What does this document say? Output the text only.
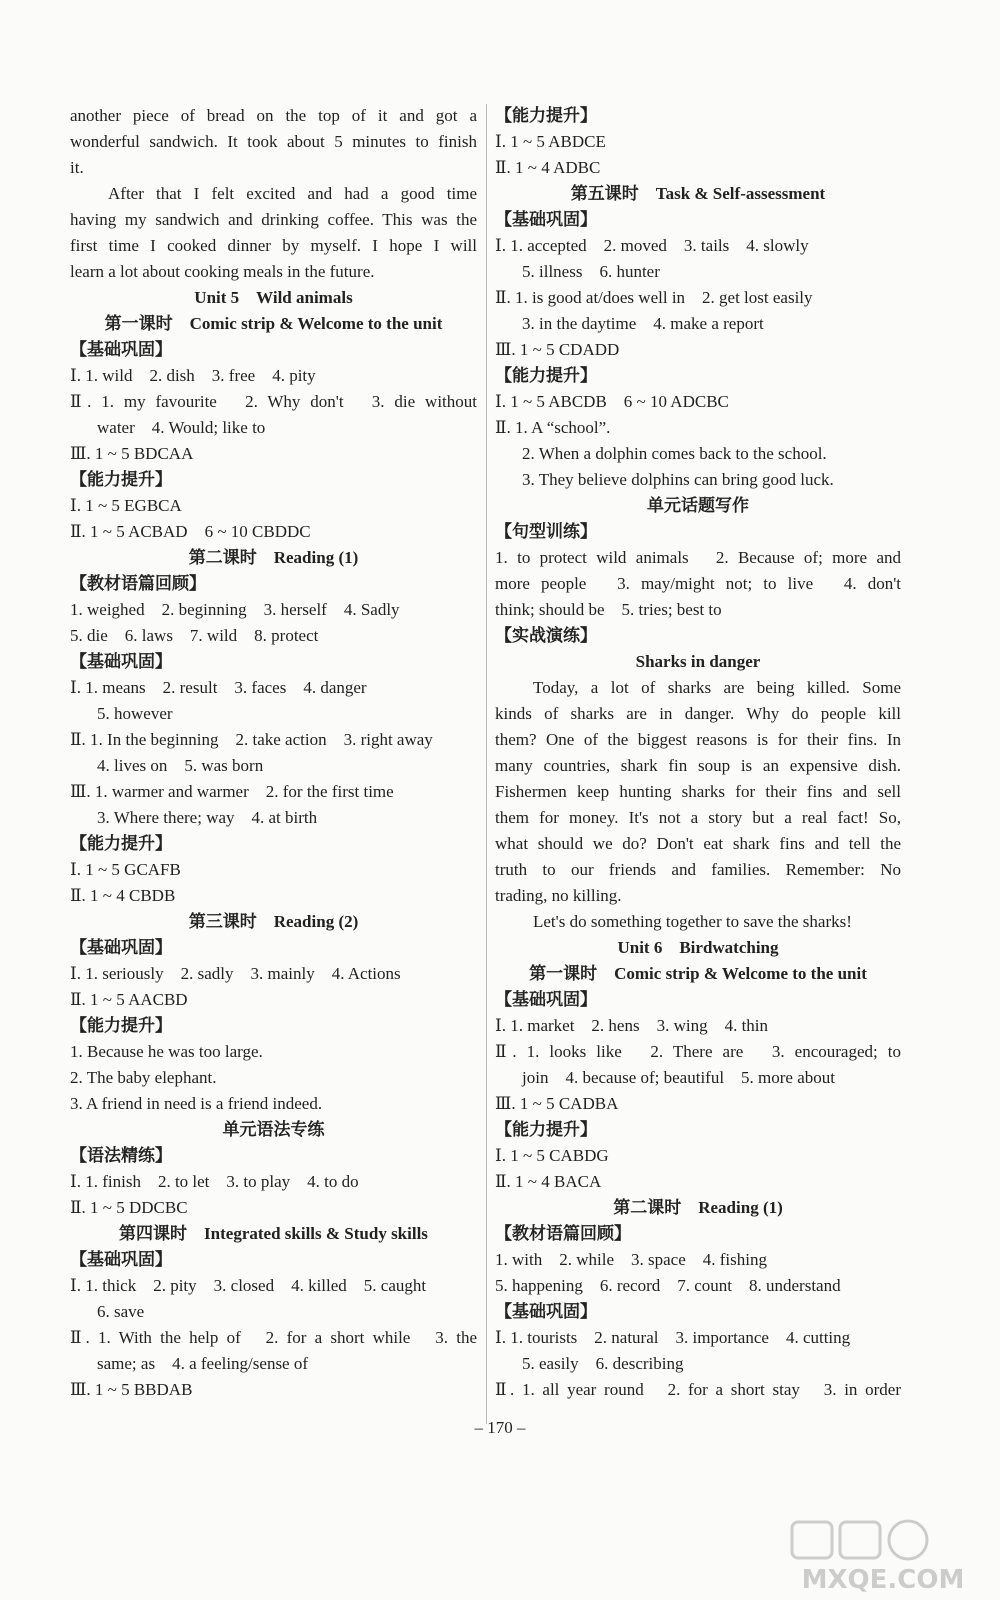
another piece of bread on the top of it and got a
wonderful sandwich. It took about 5 minutes to finish
it.
After that I felt excited and had a good time
having my sandwich and drinking coffee. This was the
first time I cooked dinner by myself. I hope I will
learn a lot about cooking meals in the future.
Unit 5　Wild animals
第一课时　Comic strip & Welcome to the unit
【基础巩固】
Ⅰ. 1. wild　2. dish　3. free　4. pity
Ⅱ. 1. my favourite　2. Why don't　3. die without
water　4. Would; like to
Ⅲ. 1 ~ 5 BDCAA
【能力提升】
Ⅰ. 1 ~ 5 EGBCA
Ⅱ. 1 ~ 5 ACBAD　6 ~ 10 CBDDC
第二课时　Reading (1)
【教材语篇回顾】
1. weighed　2. beginning　3. herself　4. Sadly
5. die　6. laws　7. wild　8. protect
【基础巩固】
Ⅰ. 1. means　2. result　3. faces　4. danger
5. however
Ⅱ. 1. In the beginning　2. take action　3. right away
4. lives on　5. was born
Ⅲ. 1. warmer and warmer　2. for the first time
3. Where there; way　4. at birth
【能力提升】
Ⅰ. 1 ~ 5 GCAFB
Ⅱ. 1 ~ 4 CBDB
第三课时　Reading (2)
【基础巩固】
Ⅰ. 1. seriously　2. sadly　3. mainly　4. Actions
Ⅱ. 1 ~ 5 AACBD
【能力提升】
1. Because he was too large.
2. The baby elephant.
3. A friend in need is a friend indeed.
单元语法专练
【语法精练】
Ⅰ. 1. finish　2. to let　3. to play　4. to do
Ⅱ. 1 ~ 5 DDCBC
第四课时　Integrated skills & Study skills
【基础巩固】
Ⅰ. 1. thick　2. pity　3. closed　4. killed　5. caught
6. save
Ⅱ. 1. With the help of　2. for a short while　3. the
same; as　4. a feeling/sense of
Ⅲ. 1 ~ 5 BBDAB
【能力提升】
Ⅰ. 1 ~ 5 ABDCE
Ⅱ. 1 ~ 4 ADBC
第五课时　Task & Self-assessment
【基础巩固】
Ⅰ. 1. accepted　2. moved　3. tails　4. slowly
5. illness　6. hunter
Ⅱ. 1. is good at/does well in　2. get lost easily
3. in the daytime　4. make a report
Ⅲ. 1 ~ 5 CDADD
【能力提升】
Ⅰ. 1 ~ 5 ABCDB　6 ~ 10 ADCBC
Ⅱ. 1. A “school”.
2. When a dolphin comes back to the school.
3. They believe dolphins can bring good luck.
单元话题写作
【句型训练】
1. to protect wild animals　2. Because of; more and
more people　3. may/might not; to live　4. don't
think; should be　5. tries; best to
【实战演练】
Sharks in danger
Today, a lot of sharks are being killed. Some
kinds of sharks are in danger. Why do people kill
them? One of the biggest reasons is for their fins. In
many countries, shark fin soup is an expensive dish.
Fishermen keep hunting sharks for their fins and sell
them for money. It's not a story but a real fact! So,
what should we do? Don't eat shark fins and tell the
truth to our friends and families. Remember: No
trading, no killing.
Let's do something together to save the sharks!
Unit 6　Birdwatching
第一课时　Comic strip & Welcome to the unit
【基础巩固】
Ⅰ. 1. market　2. hens　3. wing　4. thin
Ⅱ. 1. looks like　2. There are　3. encouraged; to
join　4. because of; beautiful　5. more about
Ⅲ. 1 ~ 5 CADBA
【能力提升】
Ⅰ. 1 ~ 5 CABDG
Ⅱ. 1 ~ 4 BACA
第二课时　Reading (1)
【教材语篇回顾】
1. with　2. while　3. space　4. fishing
5. happening　6. record　7. count　8. understand
【基础巩固】
Ⅰ. 1. tourists　2. natural　3. importance　4. cutting
5. easily　6. describing
Ⅱ. 1. all year round　2. for a short stay　3. in order
– 170 –
MXQE.COM
